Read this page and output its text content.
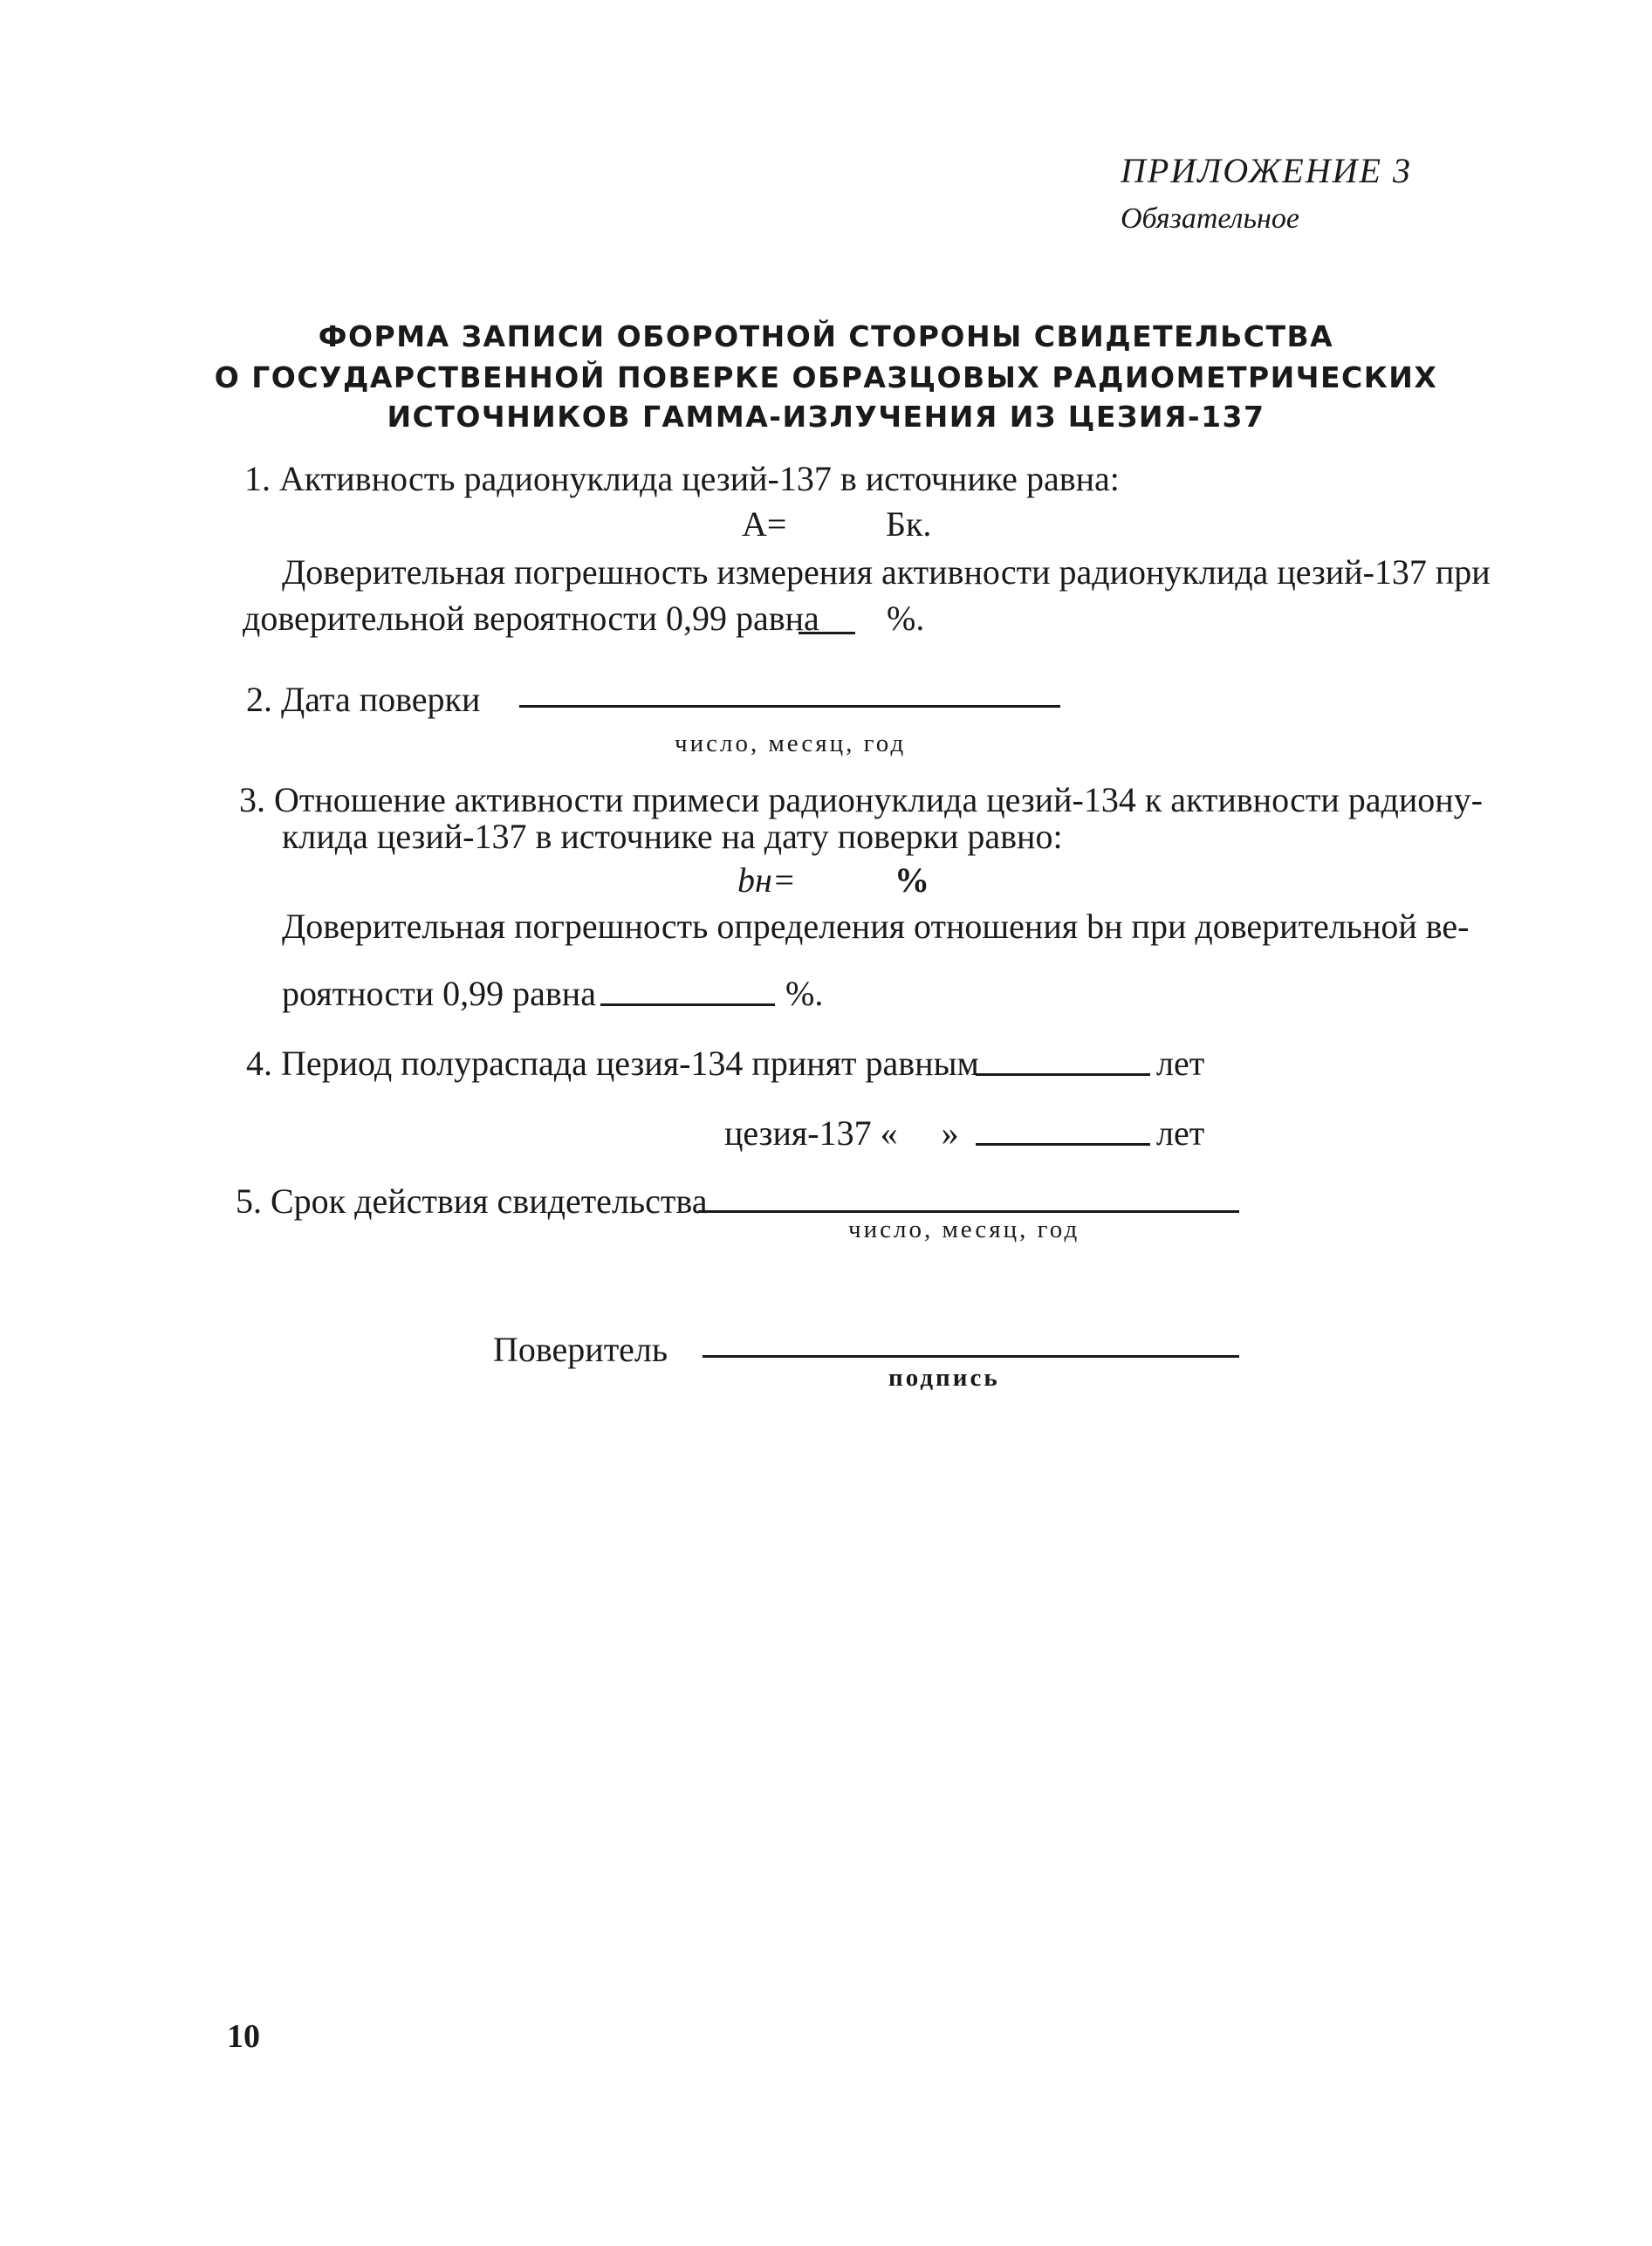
ПРИЛОЖЕНИЕ 3
Обязательное
ФОРМА ЗАПИСИ ОБОРОТНОЙ СТОРОНЫ СВИДЕТЕЛЬСТВА
О ГОСУДАРСТВЕННОЙ ПОВЕРКЕ ОБРАЗЦОВЫХ РАДИОМЕТРИЧЕСКИХ
ИСТОЧНИКОВ ГАММА-ИЗЛУЧЕНИЯ ИЗ ЦЕЗИЯ-137
1. Активность радионуклида цезий-137 в источнике равна:
A=	Бк.
Доверительная погрешность измерения активности радионуклида цезий-137 при
доверительной вероятности 0,99 равна %.
2. Дата поверки
число, месяц, год
3. Отношение активности примеси радионуклида цезий-134 к активности радиону-
клида цезий-137 в источнике на дату поверки равно:
bн=	%
Доверительная погрешность определения отношения bн при доверительной ве-
роятности 0,99 равна	%.
4. Период полураспада цезия-134 принят равным	лет
цезия-137 «     »	лет
5. Срок действия свидетельства
число, месяц, год
Поверитель
подпись
10
